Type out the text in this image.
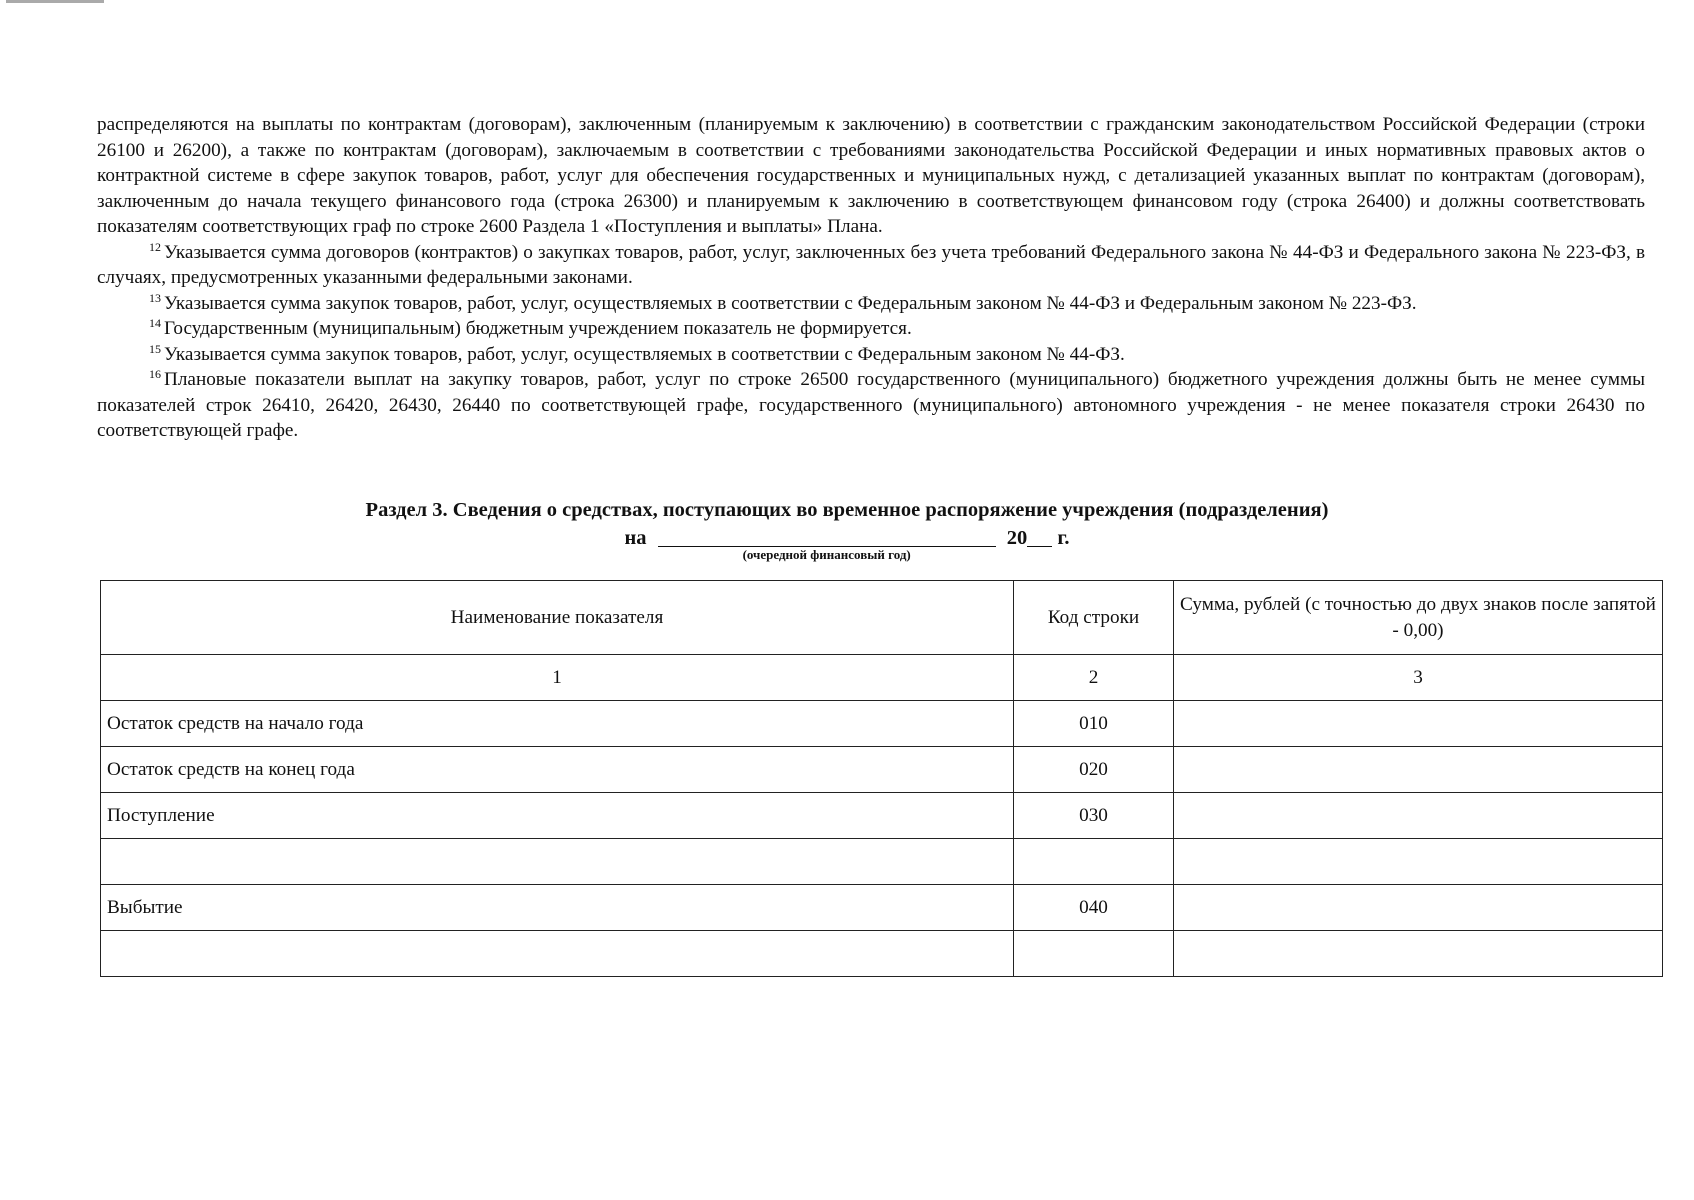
распределяются на выплаты по контрактам (договорам), заключенным (планируемым к заключению) в соответствии с гражданским законодательством Российской Федерации (строки 26100 и 26200), а также по контрактам (договорам), заключаемым в соответствии с требованиями законодательства Российской Федерации и иных нормативных правовых актов о контрактной системе в сфере закупок товаров, работ, услуг для обеспечения государственных и муниципальных нужд, с детализацией указанных выплат по контрактам (договорам), заключенным до начала текущего финансового года (строка 26300) и планируемым к заключению в соответствующем финансовом году (строка 26400) и должны соответствовать показателям соответствующих граф по строке 2600 Раздела 1 «Поступления и выплаты» Плана.

$^{12}$ Указывается сумма договоров (контрактов) о закупках товаров, работ, услуг, заключенных без учета требований Федерального закона № 44-ФЗ и Федерального закона № 223-ФЗ, в случаях, предусмотренных указанными федеральными законами.

$^{13}$ Указывается сумма закупок товаров, работ, услуг, осуществляемых в соответствии с Федеральным законом № 44-ФЗ и Федеральным законом № 223-ФЗ.

$^{14}$ Государственным (муниципальным) бюджетным учреждением показатель не формируется.

$^{15}$ Указывается сумма закупок товаров, работ, услуг, осуществляемых в соответствии с Федеральным законом № 44-ФЗ.

$^{16}$ Плановые показатели выплат на закупку товаров, работ, услуг по строке 26500 государственного (муниципального) бюджетного учреждения должны быть не менее суммы показателей строк 26410, 26420, 26430, 26440 по соответствующей графе, государственного (муниципального) автономного учреждения - не менее показателя строки 26430 по соответствующей графе.

Раздел 3. Сведения о средствах, поступающих во временное распоряжение учреждения (подразделения)
на
(очередной финансовый год)
20 г.
Наименование показателя	Код строки	Сумма, рублей (с точностью до двух знаков после запятой - 0,00)
1	2	3
Остаток средств на начало года	010	
Остаток средств на конец года	020	
Поступление	030	

Выбытие	040	
